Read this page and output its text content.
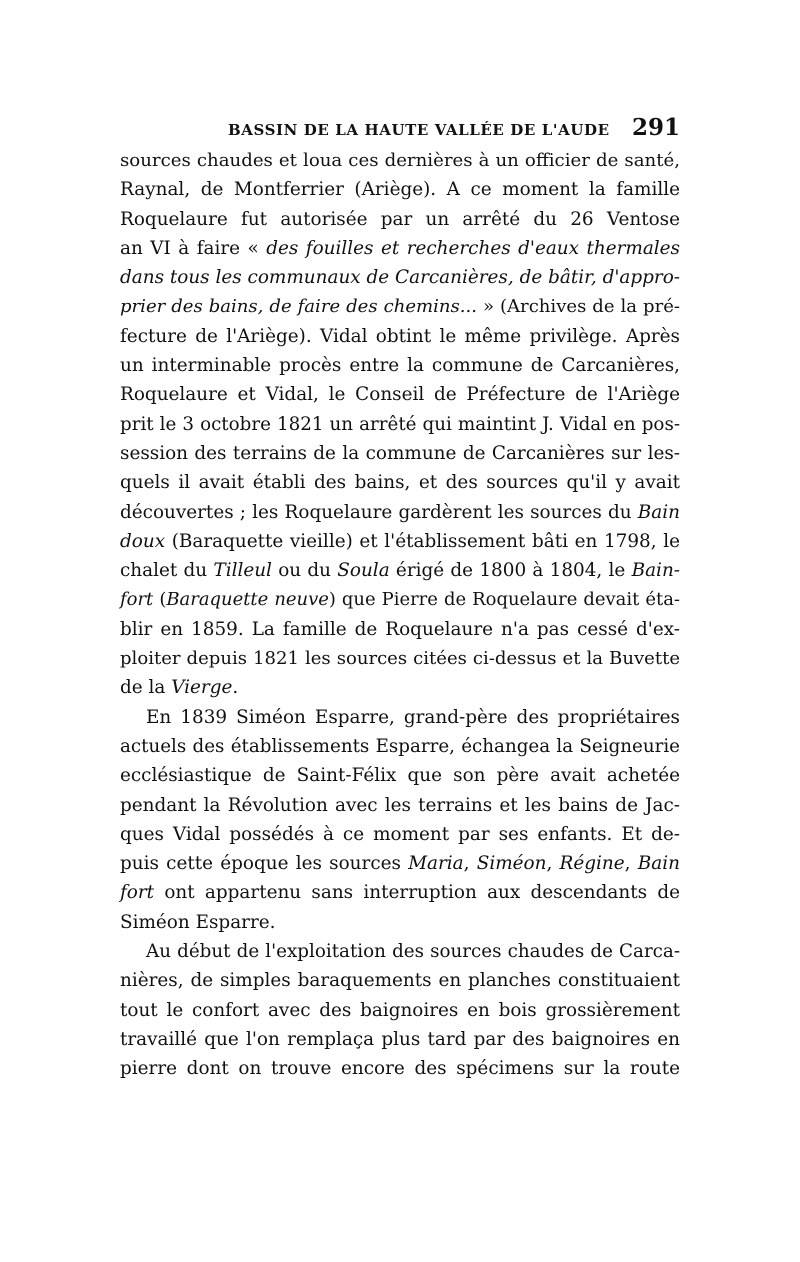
BASSIN DE LA HAUTE VALLÉE DE L'AUDE 291
sources chaudes et loua ces dernières à un officier de santé,
Raynal, de Montferrier (Ariège). A ce moment la famille
Roquelaure fut autorisée par un arrêté du 26 Ventose
an VI à faire « des fouilles et recherches d'eaux thermales
dans tous les communaux de Carcanières, de bâtir, d'appro-
prier des bains, de faire des chemins... » (Archives de la pré-
fecture de l'Ariège). Vidal obtint le même privilège. Après
un interminable procès entre la commune de Carcanières,
Roquelaure et Vidal, le Conseil de Préfecture de l'Ariège
prit le 3 octobre 1821 un arrêté qui maintint J. Vidal en pos-
session des terrains de la commune de Carcanières sur les-
quels il avait établi des bains, et des sources qu'il y avait
découvertes ; les Roquelaure gardèrent les sources du Bain
doux (Baraquette vieille) et l'établissement bâti en 1798, le
chalet du Tilleul ou du Soula érigé de 1800 à 1804, le Bain-
fort (Baraquette neuve) que Pierre de Roquelaure devait éta-
blir en 1859. La famille de Roquelaure n'a pas cessé d'ex-
ploiter depuis 1821 les sources citées ci-dessus et la Buvette
de la Vierge.
En 1839 Siméon Esparre, grand-père des propriétaires
actuels des établissements Esparre, échangea la Seigneurie
ecclésiastique de Saint-Félix que son père avait achetée
pendant la Révolution avec les terrains et les bains de Jac-
ques Vidal possédés à ce moment par ses enfants. Et de-
puis cette époque les sources Maria, Siméon, Régine, Bain
fort ont appartenu sans interruption aux descendants de
Siméon Esparre.
Au début de l'exploitation des sources chaudes de Carca-
nières, de simples baraquements en planches constituaient
tout le confort avec des baignoires en bois grossièrement
travaillé que l'on remplaça plus tard par des baignoires en
pierre dont on trouve encore des spécimens sur la route
